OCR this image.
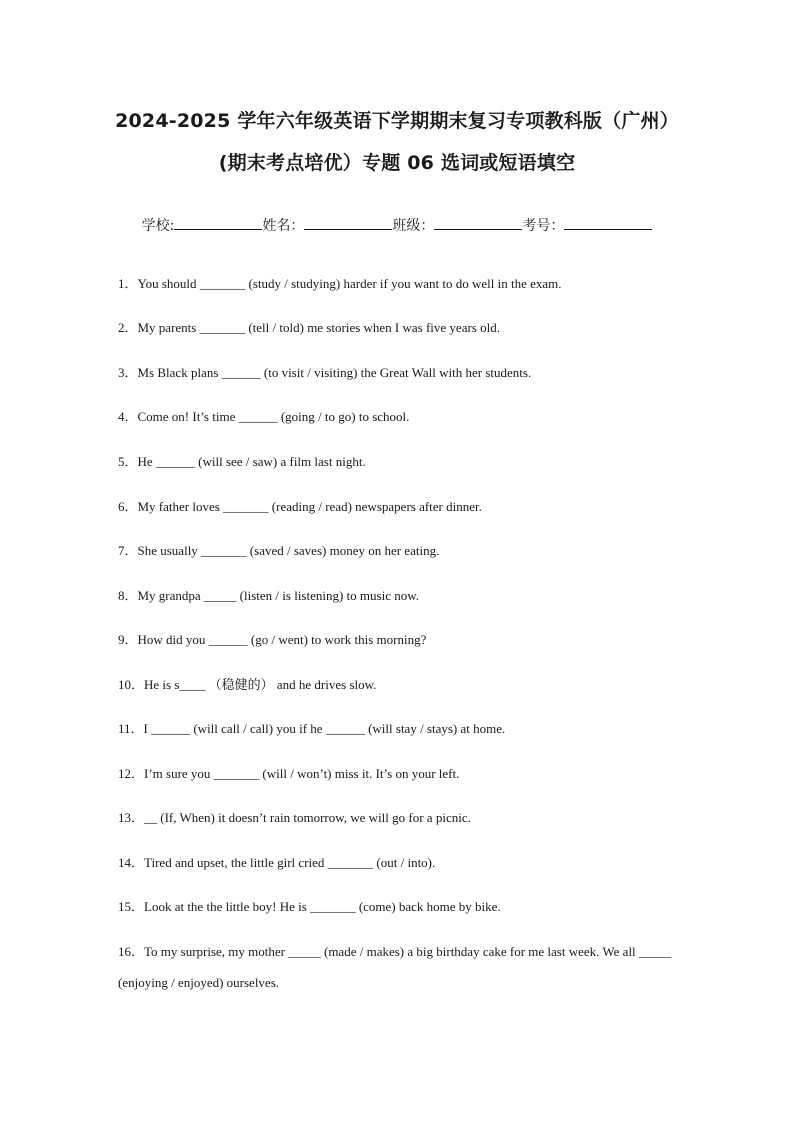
2024-2025 学年六年级英语下学期期末复习专项教科版（广州）
(期末考点培优）专题 06 选词或短语填空
学校:	姓名：	班级：	考号：
1．You should _______ (study / studying) harder if you want to do well in the exam.
2．My parents _______ (tell / told) me stories when I was five years old.
3．Ms Black plans ______ (to visit / visiting) the Great Wall with her students.
4．Come on! It’s time ______ (going / to go) to school.
5．He ______ (will see / saw) a film last night.
6．My father loves _______ (reading / read) newspapers after dinner.
7．She usually _______ (saved / saves) money on her eating.
8．My grandpa _____ (listen / is listening) to music now.
9．How did you ______ (go / went) to work this morning?
10．He is s____ （稳健的） and he drives slow.
11．I ______ (will call / call) you if he ______ (will stay / stays) at home.
12．I’m sure you _______ (will / won’t) miss it. It’s on your left.
13．__ (If, When) it doesn’t rain tomorrow, we will go for a picnic.
14．Tired and upset, the little girl cried _______ (out / into).
15．Look at the the little boy! He is _______ (come) back home by bike.
16．To my surprise, my mother _____ (made / makes) a big birthday cake for me last week. We all _____ (enjoying / enjoyed) ourselves.
